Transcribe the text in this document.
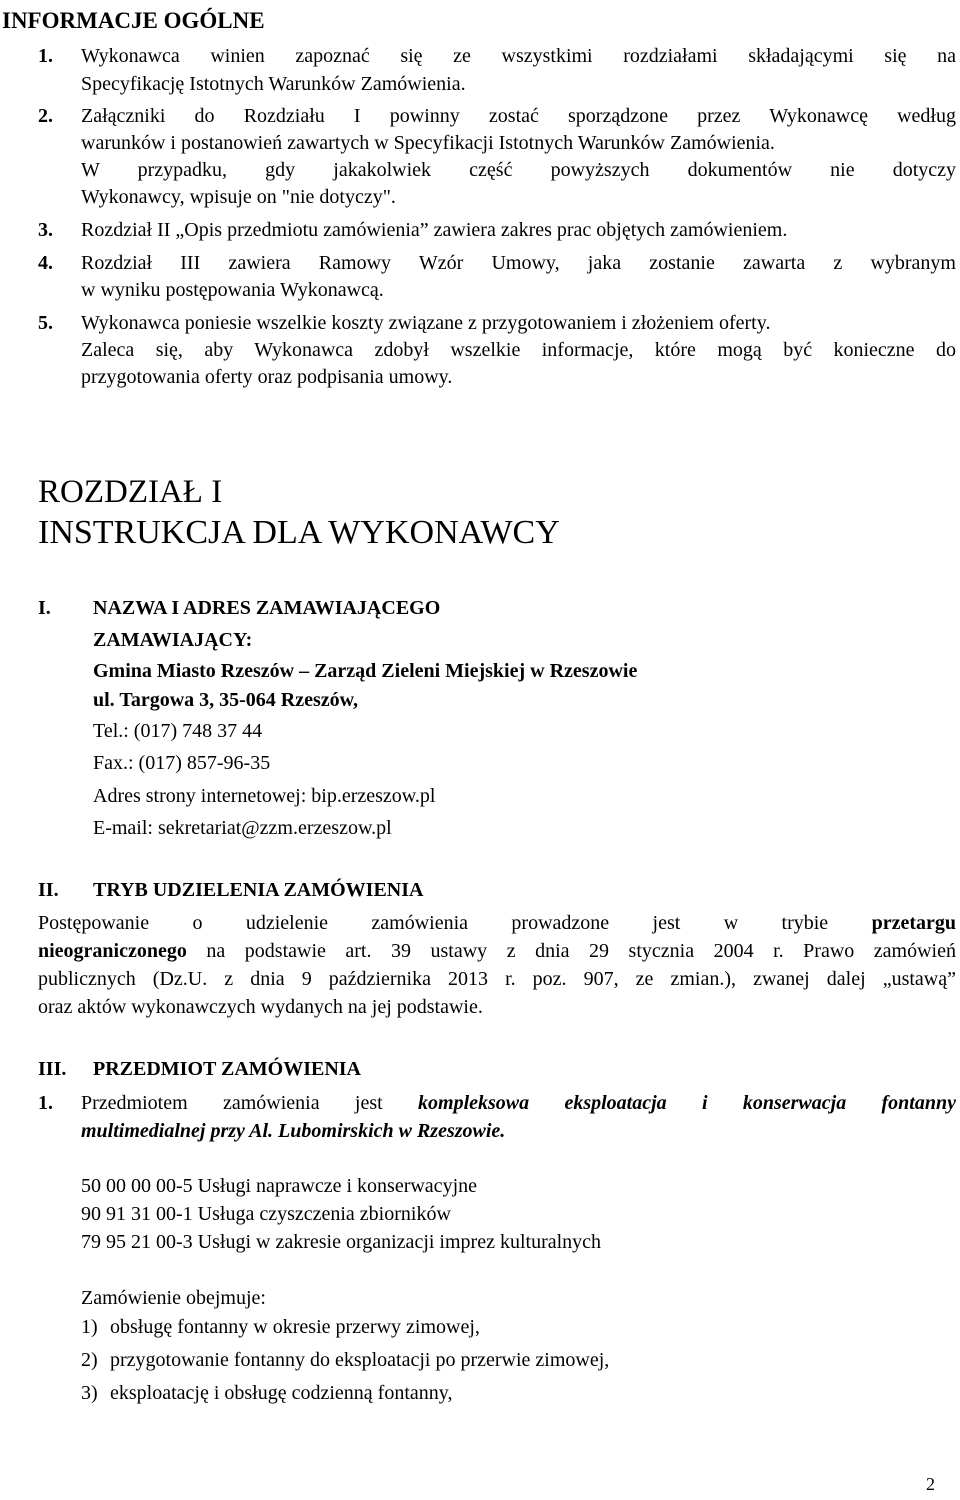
INFORMACJE OGÓLNE
1. Wykonawca winien zapoznać się ze wszystkimi rozdziałami składającymi się na
Specyfikację Istotnych Warunków Zamówienia.
2. Załączniki do Rozdziału I powinny zostać sporządzone przez Wykonawcę według
warunków i postanowień zawartych w Specyfikacji Istotnych Warunków Zamówienia.
W przypadku, gdy jakakolwiek część powyższych dokumentów nie dotyczy
Wykonawcy, wpisuje on "nie dotyczy".
3. Rozdział II „Opis przedmiotu zamówienia” zawiera zakres prac objętych zamówieniem.
4. Rozdział III zawiera Ramowy Wzór Umowy, jaka zostanie zawarta z wybranym
w wyniku postępowania Wykonawcą.
5. Wykonawca poniesie wszelkie koszty związane z przygotowaniem i złożeniem oferty.
Zaleca się, aby Wykonawca zdobył wszelkie informacje, które mogą być konieczne do
przygotowania oferty oraz podpisania umowy.
ROZDZIAŁ I
INSTRUKCJA DLA WYKONAWCY
I. NAZWA I ADRES ZAMAWIAJĄCEGO
ZAMAWIAJĄCY:
Gmina Miasto Rzeszów – Zarząd Zieleni Miejskiej w Rzeszowie
ul. Targowa 3, 35-064 Rzeszów,
Tel.: (017) 748 37 44
Fax.: (017) 857-96-35
Adres strony internetowej: bip.erzeszow.pl
E-mail: sekretariat@zzm.erzeszow.pl
II. TRYB UDZIELENIA ZAMÓWIENIA
Postępowanie o udzielenie zamówienia prowadzone jest w trybie przetargu
nieograniczonego na podstawie art. 39 ustawy z dnia 29 stycznia 2004 r. Prawo zamówień
publicznych (Dz.U. z dnia 9 października 2013 r. poz. 907, ze zmian.), zwanej dalej „ustawą”
oraz aktów wykonawczych wydanych na jej podstawie.
III. PRZEDMIOT ZAMÓWIENIA
1. Przedmiotem zamówienia jest kompleksowa eksploatacja i konserwacja fontanny
multimedialnej przy Al. Lubomirskich w Rzeszowie.
50 00 00 00-5 Usługi naprawcze i konserwacyjne
90 91 31 00-1 Usługa czyszczenia zbiorników
79 95 21 00-3 Usługi w zakresie organizacji imprez kulturalnych
Zamówienie obejmuje:
1) obsługę fontanny w okresie przerwy zimowej,
2) przygotowanie fontanny do eksploatacji po przerwie zimowej,
3) eksploatację i obsługę codzienną fontanny,
2
